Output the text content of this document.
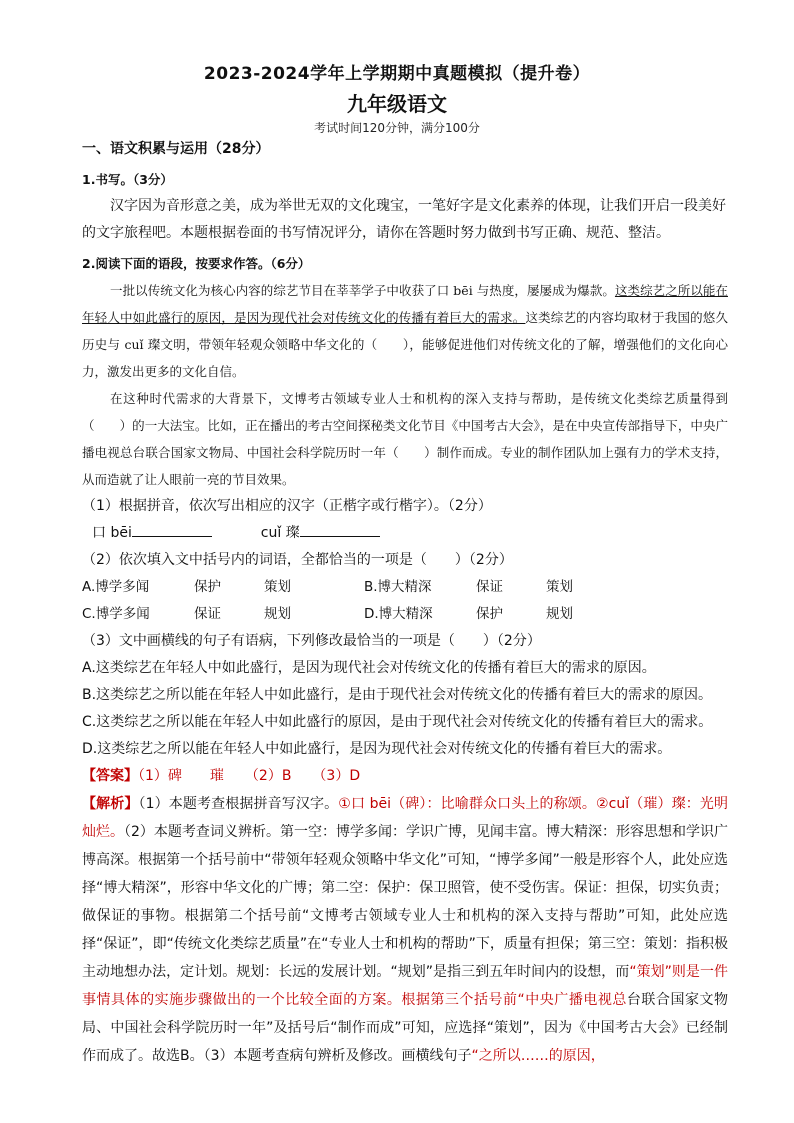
2023-2024学年上学期期中真题模拟（提升卷）
九年级语文
考试时间120分钟，满分100分
一、语文积累与运用（28分）
1.书写。（3分）
汉字因为音形意之美，成为举世无双的文化瑰宝，一笔好字是文化素养的体现，让我们开启一段美好的文字旅程吧。本题根据卷面的书写情况评分，请你在答题时努力做到书写正确、规范、整洁。
2.阅读下面的语段，按要求作答。（6分）
一批以传统文化为核心内容的综艺节目在莘莘学子中收获了口 bēi 与热度，屡屡成为爆款。这类综艺之所以能在年轻人中如此盛行的原因，是因为现代社会对传统文化的传播有着巨大的需求。这类综艺的内容均取材于我国的悠久历史与 cuǐ 璨文明，带领年轻观众领略中华文化的（　　），能够促进他们对传统文化的了解，增强他们的文化向心力，激发出更多的文化自信。
在这种时代需求的大背景下，文博考古领域专业人士和机构的深入支持与帮助，是传统文化类综艺质量得到（　　）的一大法宝。比如，正在播出的考古空间探秘类文化节目《中国考古大会》，是在中央宣传部指导下，中央广播电视总台联合国家文物局、中国社会科学院历时一年（　　）制作而成。专业的制作团队加上强有力的学术支持，从而造就了让人眼前一亮的节目效果。
（1）根据拼音，依次写出相应的汉字（正楷字或行楷字）。（2分）
口 bēi	cuǐ 璨
（2）依次填入文中括号内的词语，全都恰当的一项是（　　）（2分）
A.博学多闻	保护	策划	B.博大精深	保证	策划
C.博学多闻	保证	规划	D.博大精深	保护	规划
（3）文中画横线的句子有语病，下列修改最恰当的一项是（　　）（2分）
A.这类综艺在年轻人中如此盛行，是因为现代社会对传统文化的传播有着巨大的需求的原因。
B.这类综艺之所以能在年轻人中如此盛行，是由于现代社会对传统文化的传播有着巨大的需求的原因。
C.这类综艺之所以能在年轻人中如此盛行的原因，是由于现代社会对传统文化的传播有着巨大的需求。
D.这类综艺之所以能在年轻人中如此盛行，是因为现代社会对传统文化的传播有着巨大的需求。
【答案】（1）碑　　璀　　（2）B　　（3）D
【解析】（1）本题考查根据拼音写汉字。①口 bēi（碑）：比喻群众口头上的称颂。②cuǐ（璀）璨：光明灿烂。（2）本题考查词义辨析。第一空：博学多闻：学识广博，见闻丰富。博大精深：形容思想和学识广博高深。根据第一个括号前中“带领年轻观众领略中华文化”可知，“博学多闻”一般是形容个人，此处应选择“博大精深”，形容中华文化的广博；第二空：保护：保卫照管，使不受伤害。保证：担保，切实负责；做保证的事物。根据第二个括号前“文博考古领域专业人士和机构的深入支持与帮助”可知，此处应选择“保证”，即“传统文化类综艺质量”在“专业人士和机构的帮助”下，质量有担保；第三空：策划：指积极主动地想办法，定计划。规划：长远的发展计划。“规划”是指三到五年时间内的设想，而“策划”则是一件事情具体的实施步骤做出的一个比较全面的方案。根据第三个括号前“中央广播电视总台联合国家文物局、中国社会科学院历时一年”及括号后“制作而成”可知，应选择“策划”，因为《中国考古大会》已经制作而成了。故选B。（3）本题考查病句辨析及修改。画横线句子“之所以……的原因，
